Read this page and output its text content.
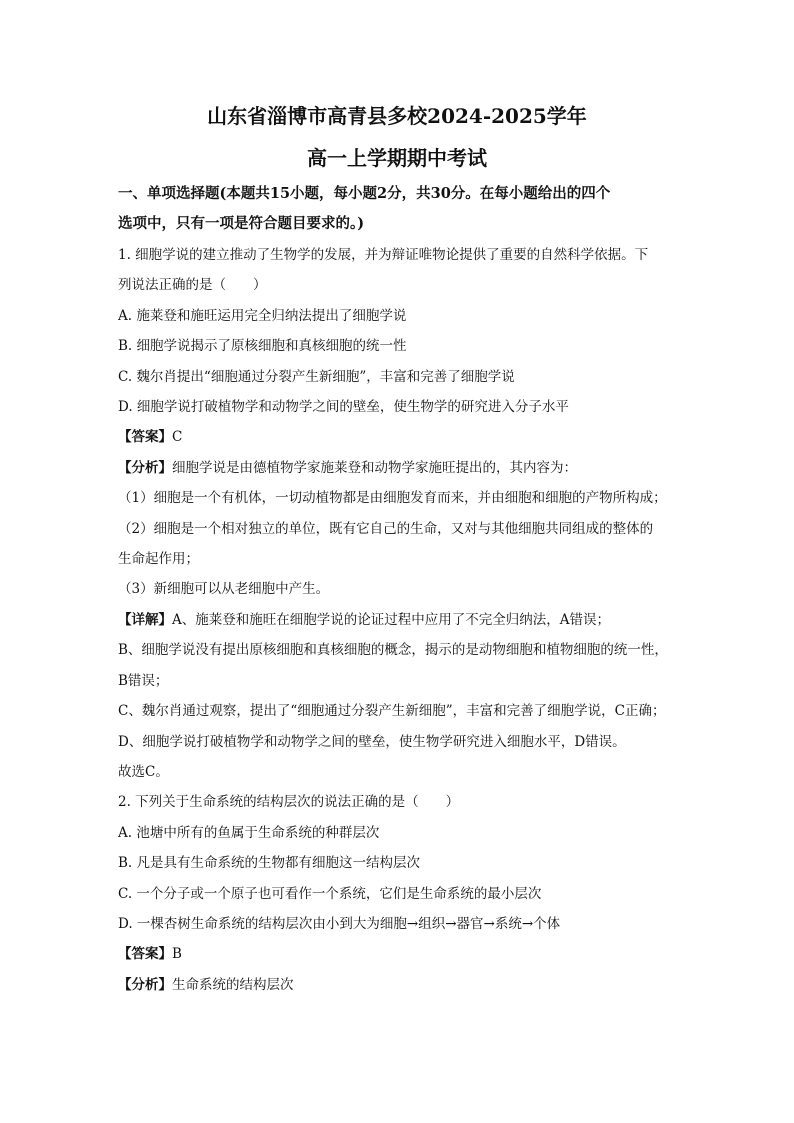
山东省淄博市高青县多校2024-2025学年

高一上学期期中考试

一、单项选择题(本题共15小题，每小题2分，共30分。在每小题给出的四个

选项中，只有一项是符合题目要求的。)

1. 细胞学说的建立推动了生物学的发展，并为辩证唯物论提供了重要的自然科学依据。下

列说法正确的是（　　）

A. 施莱登和施旺运用完全归纳法提出了细胞学说

B. 细胞学说揭示了原核细胞和真核细胞的统一性

C. 魏尔肖提出“细胞通过分裂产生新细胞”，丰富和完善了细胞学说

D. 细胞学说打破植物学和动物学之间的壁垒，使生物学的研究进入分子水平

【答案】C

【分析】细胞学说是由德植物学家施莱登和动物学家施旺提出的，其内容为：

（1）细胞是一个有机体，一切动植物都是由细胞发育而来，并由细胞和细胞的产物所构成；

（2）细胞是一个相对独立的单位，既有它自己的生命，又对与其他细胞共同组成的整体的

生命起作用；

（3）新细胞可以从老细胞中产生。

【详解】A、施莱登和施旺在细胞学说的论证过程中应用了不完全归纳法，A错误；

B、细胞学说没有提出原核细胞和真核细胞的概念，揭示的是动物细胞和植物细胞的统一性，

B错误；

C、魏尔肖通过观察，提出了“细胞通过分裂产生新细胞”，丰富和完善了细胞学说，C正确；

D、细胞学说打破植物学和动物学之间的壁垒，使生物学研究进入细胞水平，D错误。

故选C。

2. 下列关于生命系统的结构层次的说法正确的是（　　）

A. 池塘中所有的鱼属于生命系统的种群层次

B. 凡是具有生命系统的生物都有细胞这一结构层次

C. 一个分子或一个原子也可看作一个系统，它们是生命系统的最小层次

D. 一棵杏树生命系统的结构层次由小到大为细胞→组织→器官→系统→个体

【答案】B

【分析】生命系统的结构层次
